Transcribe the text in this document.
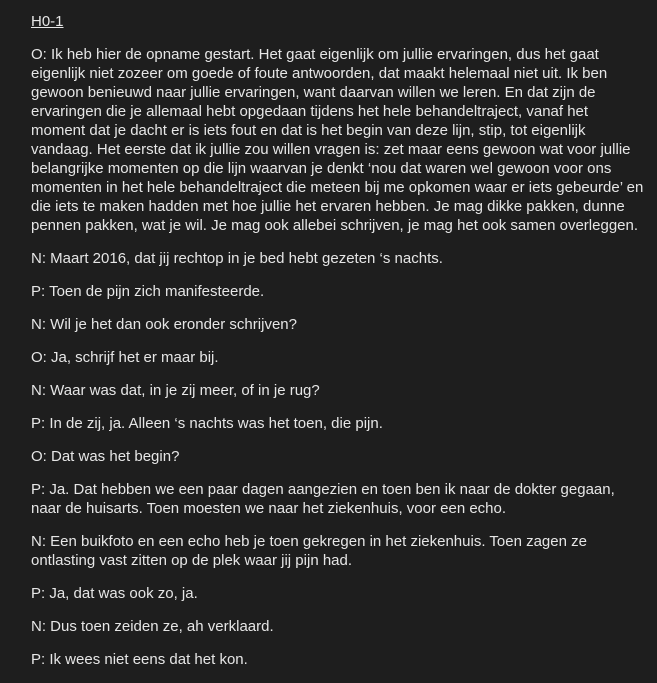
H0-1

O: Ik heb hier de opname gestart. Het gaat eigenlijk om jullie ervaringen, dus het gaat eigenlijk niet zozeer om goede of foute antwoorden, dat maakt helemaal niet uit. Ik ben gewoon benieuwd naar jullie ervaringen, want daarvan willen we leren. En dat zijn de ervaringen die je allemaal hebt opgedaan tijdens het hele behandeltraject, vanaf het moment dat je dacht er is iets fout en dat is het begin van deze lijn, stip, tot eigenlijk vandaag. Het eerste dat ik jullie zou willen vragen is: zet maar eens gewoon wat voor jullie belangrijke momenten op die lijn waarvan je denkt ‘nou dat waren wel gewoon voor ons momenten in het hele behandeltraject die meteen bij me opkomen waar er iets gebeurde’ en die iets te maken hadden met hoe jullie het ervaren hebben. Je mag dikke pakken, dunne pennen pakken, wat je wil. Je mag ook allebei schrijven, je mag het ook samen overleggen.

N: Maart 2016, dat jij rechtop in je bed hebt gezeten ‘s nachts.

P: Toen de pijn zich manifesteerde.

N: Wil je het dan ook eronder schrijven?

O: Ja, schrijf het er maar bij.

N: Waar was dat, in je zij meer, of in je rug?

P: In de zij, ja. Alleen ‘s nachts was het toen, die pijn.

O: Dat was het begin?

P: Ja. Dat hebben we een paar dagen aangezien en toen ben ik naar de dokter gegaan, naar de huisarts. Toen moesten we naar het ziekenhuis, voor een echo.

N: Een buikfoto en een echo heb je toen gekregen in het ziekenhuis. Toen zagen ze ontlasting vast zitten op de plek waar jij pijn had.

P: Ja, dat was ook zo, ja.

N: Dus toen zeiden ze, ah verklaard.

P: Ik wees niet eens dat het kon.
